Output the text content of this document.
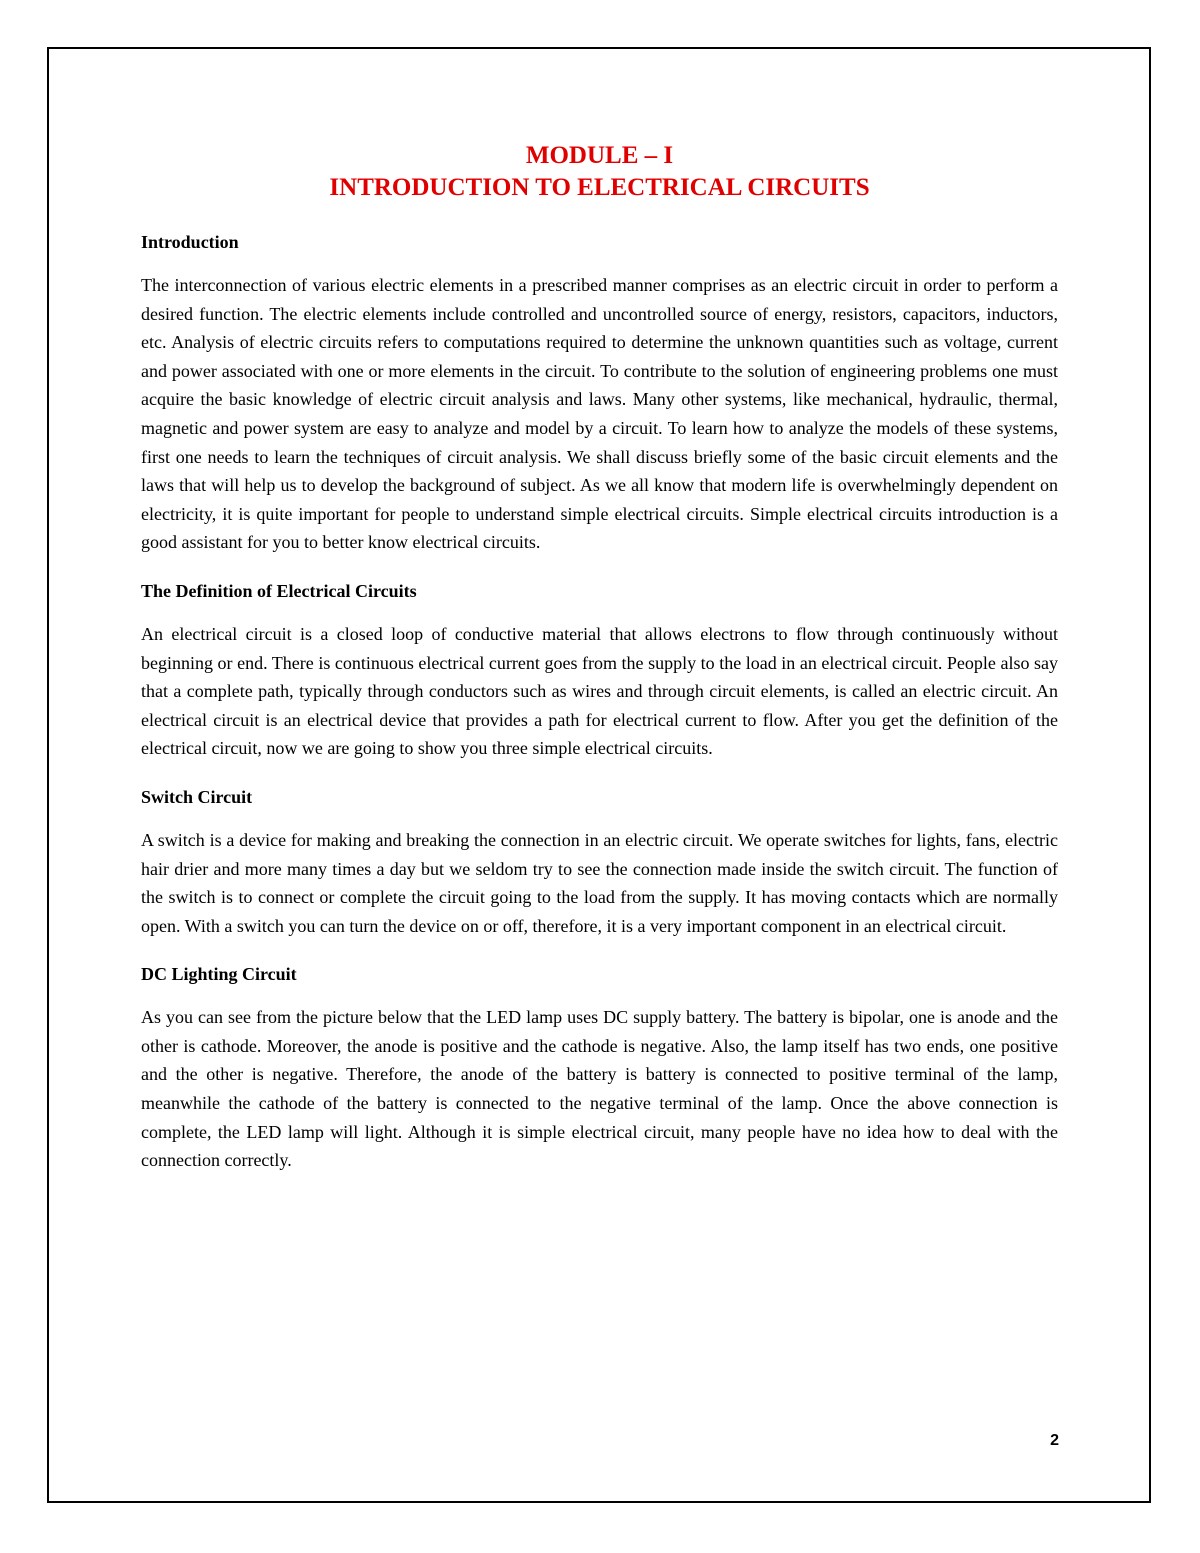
MODULE – I
INTRODUCTION TO ELECTRICAL CIRCUITS
Introduction

The interconnection of various electric elements in a prescribed manner comprises as an electric circuit in order to perform a desired function. The electric elements include controlled and uncontrolled source of energy, resistors, capacitors, inductors, etc. Analysis of electric circuits refers to computations required to determine the unknown quantities such as voltage, current and power associated with one or more elements in the circuit. To contribute to the solution of engineering problems one must acquire the basic knowledge of electric circuit analysis and laws. Many other systems, like mechanical, hydraulic, thermal, magnetic and power system are easy to analyze and model by a circuit. To learn how to analyze the models of these systems, first one needs to learn the techniques of circuit analysis. We shall discuss briefly some of the basic circuit elements and the laws that will help us to develop the background of subject. As we all know that modern life is overwhelmingly dependent on electricity, it is quite important for people to understand simple electrical circuits. Simple electrical circuits introduction is a good assistant for you to better know electrical circuits.

The Definition of Electrical Circuits

An electrical circuit is a closed loop of conductive material that allows electrons to flow through continuously without beginning or end. There is continuous electrical current goes from the supply to the load in an electrical circuit. People also say that a complete path, typically through conductors such as wires and through circuit elements, is called an electric circuit. An electrical circuit is an electrical device that provides a path for electrical current to flow. After you get the definition of the electrical circuit, now we are going to show you three simple electrical circuits.

Switch Circuit

A switch is a device for making and breaking the connection in an electric circuit. We operate switches for lights, fans, electric hair drier and more many times a day but we seldom try to see the connection made inside the switch circuit. The function of the switch is to connect or complete the circuit going to the load from the supply. It has moving contacts which are normally open. With a switch you can turn the device on or off, therefore, it is a very important component in an electrical circuit.

DC Lighting Circuit

As you can see from the picture below that the LED lamp uses DC supply battery. The battery is bipolar, one is anode and the other is cathode. Moreover, the anode is positive and the cathode is negative. Also, the lamp itself has two ends, one positive and the other is negative. Therefore, the anode of the battery is battery is connected to positive terminal of the lamp, meanwhile the cathode of the battery is connected to the negative terminal of the lamp. Once the above connection is complete, the LED lamp will light. Although it is simple electrical circuit, many people have no idea how to deal with the connection correctly.

2
